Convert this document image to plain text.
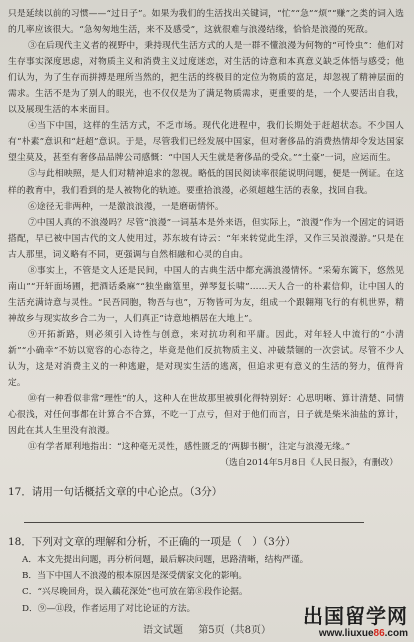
只是延续以前的习惯——“过日子”。如果为我们的生活找出关键词，“忙”“急”“烦”“赚”之类的词入选的几率应该很大。“急匆匆地生活，来不及感受”，这就很难与浪漫结缘，恰恰是浪漫的死敌。

③在后现代主义者的视野中，秉持现代生活方式的人是一群不懂浪漫为何物的“可怜虫”：他们对生存事实深度思虑，对物质主义和消费主义过度迷恋，对生活的诗意和本真意义缺乏体悟与感受；他们认为，为了生存而拼搏是理所当然的，把生活的终极目的定位为物质的富足，却忽视了精神层面的需求。生活不是为了别人的眼光，也不仅仅是为了满足物质需求，更重要的是，一个人要活出自我，以及展现生活的本来面目。

④当下中国，这样的生活方式，不乏市场。现代化进程中，我们长期处于赶超状态。不少国人有“朴素”意识和“赶超”意识。于是，尽管我们已经发展中国家，但对奢侈品的消费热情却令发达国家望尘莫及，甚至有奢侈品品牌公司感慨：“中国人天生就是奢侈品的受众。”“土豪”一词，应运而生。

⑤与此相映照，是人们对精神追求的忽视。略低的国民阅读率很能说明问题，便是一例证。在这样的教育中，我们看到的是人被物化的轨迹。要重拾浪漫，必须超越生活的表象，找回自我。

⑥途径无非两种，一是激浪浪漫，一是磨砺情怀。

⑦中国人真的不浪漫吗？尽管“浪漫”一词基本是外来语，但实际上，“浪漫”作为一个固定的词语搭配，早已被中国古代的文人使用过，苏东坡有诗云：“年来转觉此生浮，又作三吴浪漫游。”只是在古人那里，词义略有不同，更强调与自然相融和心灵的自由。

⑧事实上，不管是文人还是民间，中国人的古典生活中都充满浪漫情怀。“采菊东篱下，悠然见南山”“开轩面场圃，把酒话桑麻”“独坐幽篁里，弹琴复长啸”……天人合一的朴素信仰，让中国人的生活充满诗意与灵性。“民吾同胞，物吾与也”，万物皆可为友，组成一个跟翱翔飞行的有机世界，精神故乡与现实故乡合二为一，人们真正“诗意地栖居在大地上”。

⑨开拓新路，则必须引入诗性与创意，来对抗功利和平庸。因此，对年轻人中流行的“小清新”“小确幸”不妨以宽容的心态待之，毕竟是他们反抗物质主义、冲破禁锢的一次尝试。尽管不少人认为，这是对消费主义的一种逃避，是对现实生活的逃离，但追求更有意义的生活的努力，值得肯定。

⑩有一种看似非常“理性”的人，这种人在世故那里被驯化得特别好：心思明晰、算计清楚、同情心很浅，对任何事都在计算合不合算，不吃一丁点亏，但对于他们而言，日子就是柴米油盐的算计，因此在其人生里没有浪漫。

⑪有学者犀利地指出：“这种毫无灵性，感性匮乏的‘两脚书橱’，注定与浪漫无缘。”

（选自2014年5月8日《人民日报》，有删改）

17．请用一句话概括文章的中心论点。（3分）

18．下列对文章的理解和分析，不正确的一项是（　）（3分）

A．本文先提出问题，再分析问题，最后解决问题，思路清晰，结构严谨。

B．当下中国人不浪漫的根本原因是深受儒家文化的影响。

C．“兴尽晚回舟，误入藕花深处”也可放在第⑧段作论据。

D．⑨—⑪段，作者运用了对比论证的方法。

语文试题 第5页（共8页）
出国留学网
www.liuxue86.com
